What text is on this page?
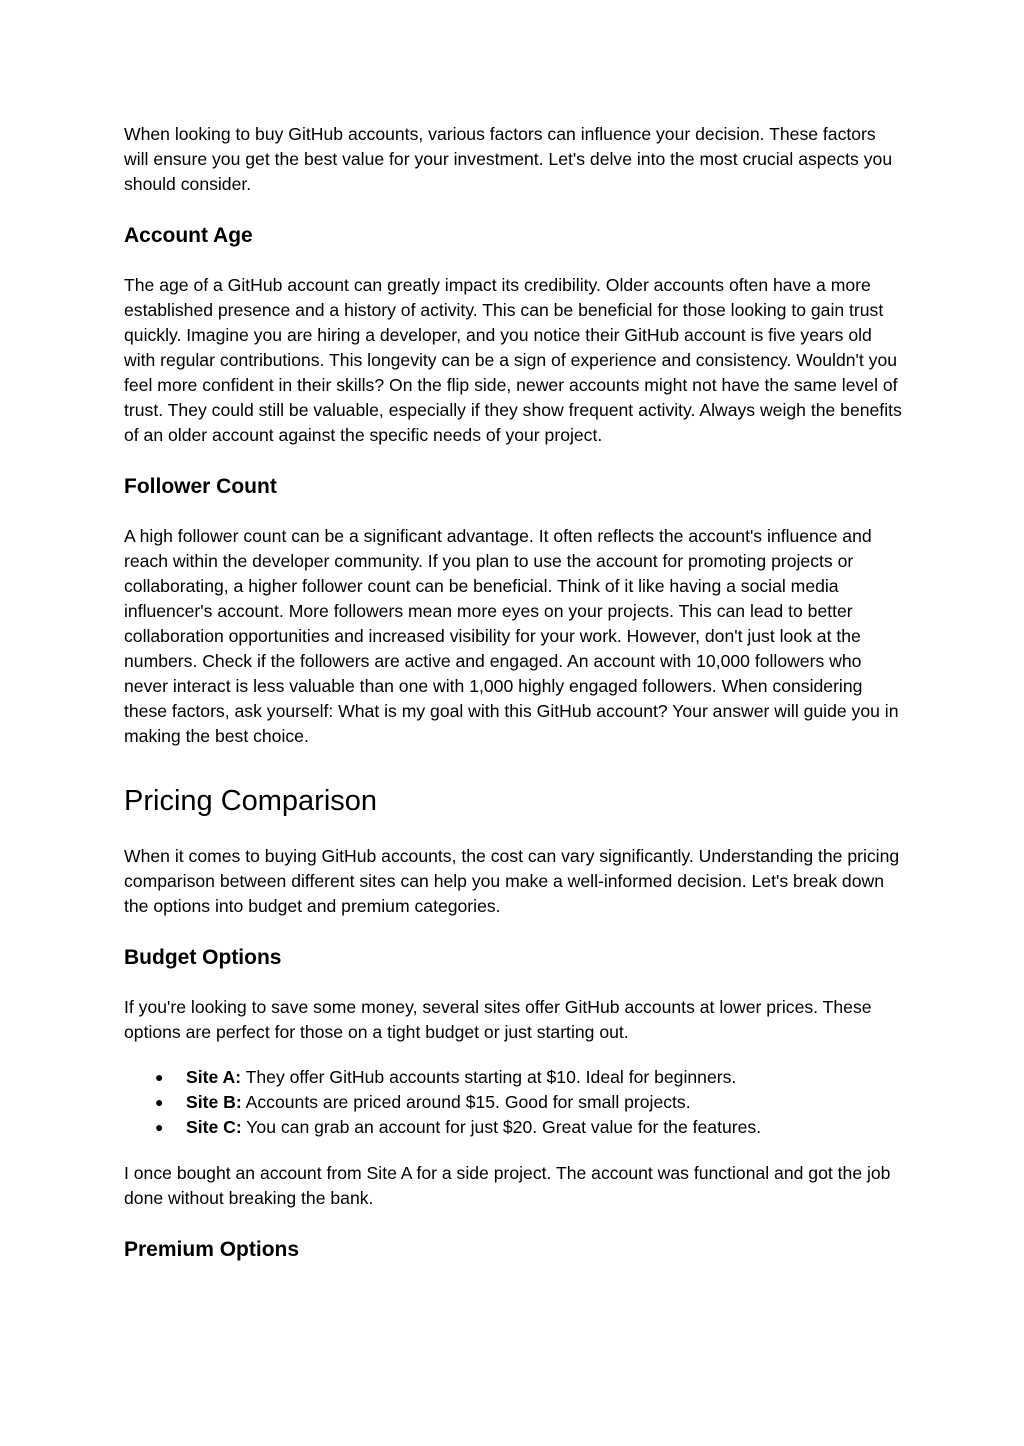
When looking to buy GitHub accounts, various factors can influence your decision. These factors will ensure you get the best value for your investment. Let's delve into the most crucial aspects you should consider.

Account Age

The age of a GitHub account can greatly impact its credibility. Older accounts often have a more established presence and a history of activity. This can be beneficial for those looking to gain trust quickly. Imagine you are hiring a developer, and you notice their GitHub account is five years old with regular contributions. This longevity can be a sign of experience and consistency. Wouldn't you feel more confident in their skills? On the flip side, newer accounts might not have the same level of trust. They could still be valuable, especially if they show frequent activity. Always weigh the benefits of an older account against the specific needs of your project.

Follower Count

A high follower count can be a significant advantage. It often reflects the account's influence and reach within the developer community. If you plan to use the account for promoting projects or collaborating, a higher follower count can be beneficial. Think of it like having a social media influencer's account. More followers mean more eyes on your projects. This can lead to better collaboration opportunities and increased visibility for your work. However, don't just look at the numbers. Check if the followers are active and engaged. An account with 10,000 followers who never interact is less valuable than one with 1,000 highly engaged followers. When considering these factors, ask yourself: What is my goal with this GitHub account? Your answer will guide you in making the best choice.

Pricing Comparison

When it comes to buying GitHub accounts, the cost can vary significantly. Understanding the pricing comparison between different sites can help you make a well-informed decision. Let's break down the options into budget and premium categories.

Budget Options

If you're looking to save some money, several sites offer GitHub accounts at lower prices. These options are perfect for those on a tight budget or just starting out.

● Site A: They offer GitHub accounts starting at $10. Ideal for beginners.
● Site B: Accounts are priced around $15. Good for small projects.
● Site C: You can grab an account for just $20. Great value for the features.

I once bought an account from Site A for a side project. The account was functional and got the job done without breaking the bank.

Premium Options
